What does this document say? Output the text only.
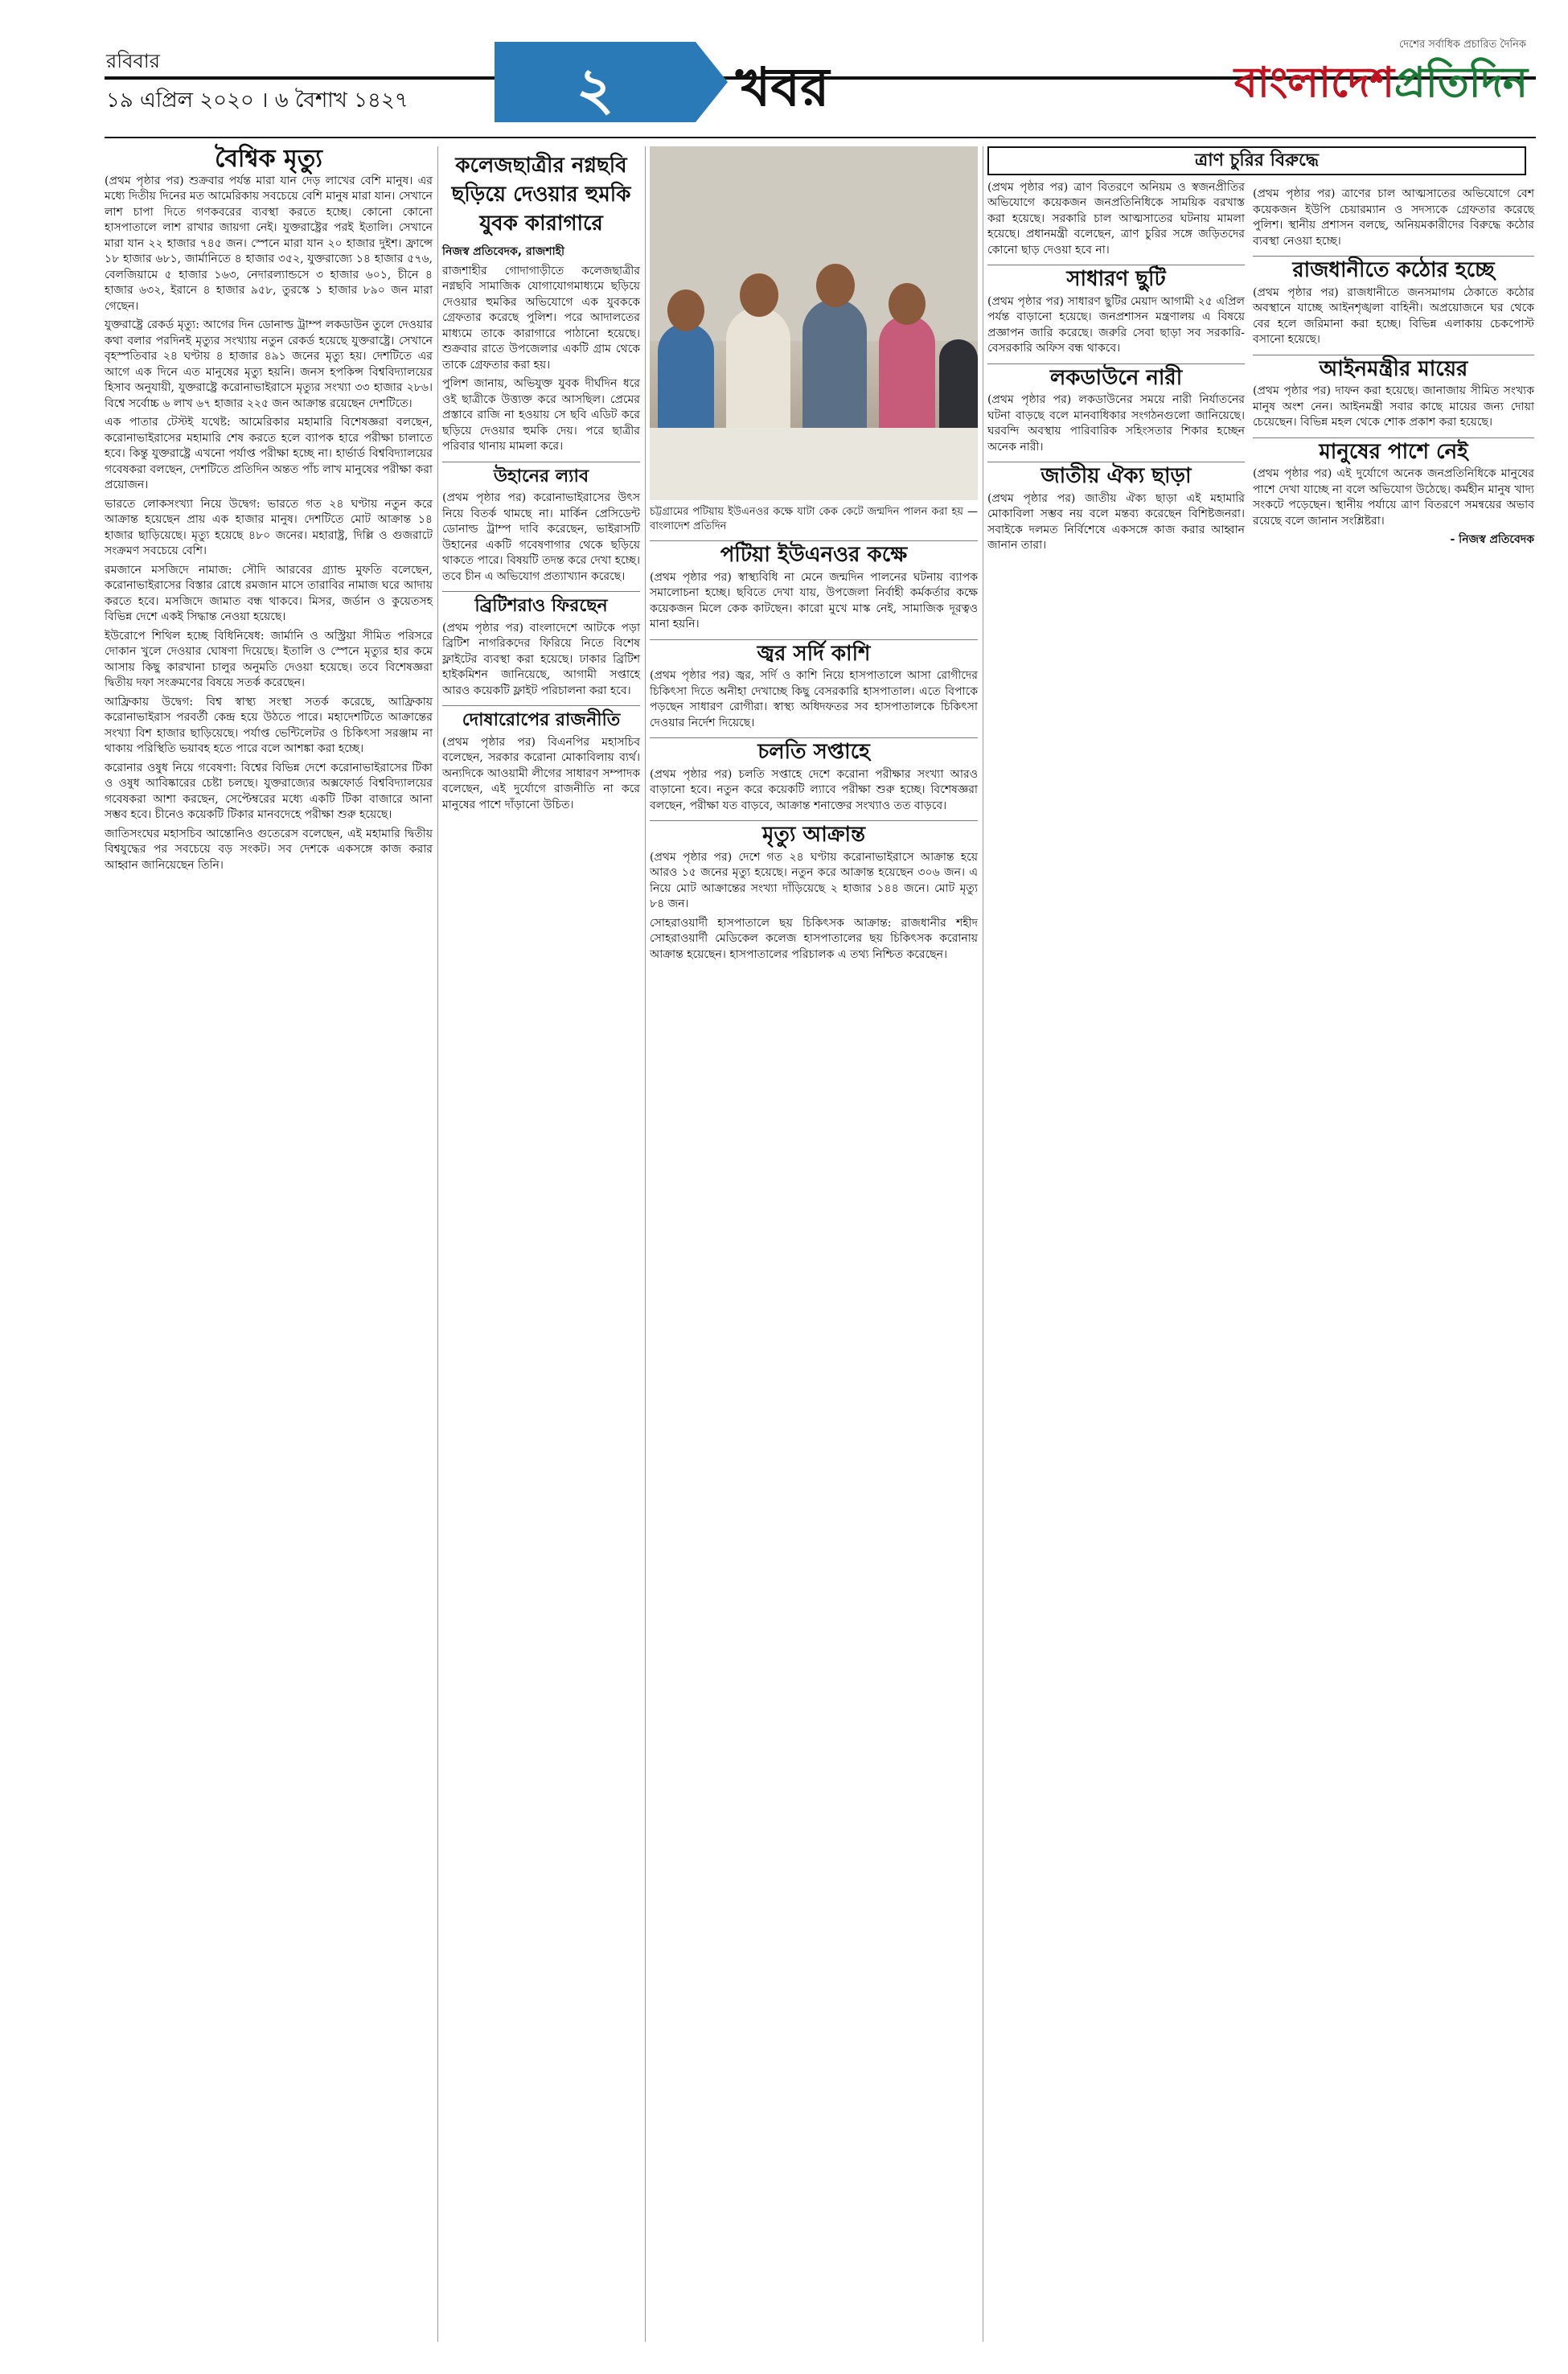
রবিবার
১৯ এপ্রিল ২০২০ । ৬ বৈশাখ ১৪২৭	২	খবর
দেশের সর্বাধিক প্রচারিত দৈনিক
বাংলাদেশপ্রতিদিন
বৈশ্বিক মৃত্যু

(প্রথম পৃষ্ঠার পর) শুক্রবার পর্যন্ত মারা যান দেড় লাখের বেশি মানুষ। এর মধ্যে দিতীয় দিনের মত আমেরিকায় সবচেয়ে বেশি মানুষ মারা যান। সেখানে লাশ চাপা দিতে গণকবরের ব্যবস্থা করতে হচ্ছে। কোনো কোনো হাসপাতালে লাশ রাখার জায়গা নেই। যুক্তরাষ্ট্রের পরই ইতালি। সেখানে মারা যান ২২ হাজার ৭৪৫ জন। স্পেনে মারা যান ২০ হাজার দুইশ। ফ্রান্সে ১৮ হাজার ৬৮১, জার্মানিতে ৪ হাজার ৩৫২, যুক্তরাজ্যে ১৪ হাজার ৫৭৬, বেলজিয়ামে ৫ হাজার ১৬৩, নেদারল্যান্ডসে ৩ হাজার ৬০১, চীনে ৪ হাজার ৬৩২, ইরানে ৪ হাজার ৯৫৮, তুরস্কে ১ হাজার ৮৯০ জন মারা গেছেন।

যুক্তরাষ্ট্রে রেকর্ড মৃত্যু: আগের দিন ডোনাল্ড ট্রাম্প লকডাউন তুলে দেওয়ার কথা বলার পরদিনই মৃত্যুর সংখ্যায় নতুন রেকর্ড হয়েছে যুক্তরাষ্ট্রে। সেখানে বৃহস্পতিবার ২৪ ঘণ্টায় ৪ হাজার ৪৯১ জনের মৃত্যু হয়। দেশটিতে এর আগে এক দিনে এত মানুষের মৃত্যু হয়নি। জনস হপকিন্স বিশ্ববিদ্যালয়ের হিসাব অনুযায়ী, যুক্তরাষ্ট্রে করোনাভাইরাসে মৃত্যুর সংখ্যা ৩৩ হাজার ২৮৬। বিশ্বে সর্বোচ্চ ৬ লাখ ৬৭ হাজার ২২৫ জন আক্রান্ত রয়েছেন দেশটিতে।

এক পাতার টেস্টই যথেষ্ট: আমেরিকার মহামারি বিশেষজ্ঞরা বলছেন, করোনাভাইরাসের মহামারি শেষ করতে হলে ব্যাপক হারে পরীক্ষা চালাতে হবে। কিন্তু যুক্তরাষ্ট্রে এখনো পর্যাপ্ত পরীক্ষা হচ্ছে না। হার্ভার্ড বিশ্ববিদ্যালয়ের গবেষকরা বলছেন, দেশটিতে প্রতিদিন অন্তত পাঁচ লাখ মানুষের পরীক্ষা করা প্রয়োজন।

ভারতে লোকসংখ্যা নিয়ে উদ্বেগ: ভারতে গত ২৪ ঘণ্টায় নতুন করে আক্রান্ত হয়েছেন প্রায় এক হাজার মানুষ। দেশটিতে মোট আক্রান্ত ১৪ হাজার ছাড়িয়েছে। মৃত্যু হয়েছে ৪৮০ জনের। মহারাষ্ট্র, দিল্লি ও গুজরাটে সংক্রমণ সবচেয়ে বেশি।

রমজানে মসজিদে নামাজ: সৌদি আরবের গ্র্যান্ড মুফতি বলেছেন, করোনাভাইরাসের বিস্তার রোধে রমজান মাসে তারাবির নামাজ ঘরে আদায় করতে হবে। মসজিদে জামাত বন্ধ থাকবে। মিসর, জর্ডান ও কুয়েতসহ বিভিন্ন দেশে একই সিদ্ধান্ত নেওয়া হয়েছে।

ইউরোপে শিথিল হচ্ছে বিধিনিষেধ: জার্মানি ও অস্ট্রিয়া সীমিত পরিসরে দোকান খুলে দেওয়ার ঘোষণা দিয়েছে। ইতালি ও স্পেনে মৃত্যুর হার কমে আসায় কিছু কারখানা চালুর অনুমতি দেওয়া হয়েছে। তবে বিশেষজ্ঞরা দ্বিতীয় দফা সংক্রমণের বিষয়ে সতর্ক করেছেন।

আফ্রিকায় উদ্বেগ: বিশ্ব স্বাস্থ্য সংস্থা সতর্ক করেছে, আফ্রিকায় করোনাভাইরাস পরবর্তী কেন্দ্র হয়ে উঠতে পারে। মহাদেশটিতে আক্রান্তের সংখ্যা বিশ হাজার ছাড়িয়েছে। পর্যাপ্ত ভেন্টিলেটর ও চিকিৎসা সরঞ্জাম না থাকায় পরিস্থিতি ভয়াবহ হতে পারে বলে আশঙ্কা করা হচ্ছে।

করোনার ওষুধ নিয়ে গবেষণা: বিশ্বের বিভিন্ন দেশে করোনাভাইরাসের টিকা ও ওষুধ আবিষ্কারের চেষ্টা চলছে। যুক্তরাজ্যের অক্সফোর্ড বিশ্ববিদ্যালয়ের গবেষকরা আশা করছেন, সেপ্টেম্বরের মধ্যে একটি টিকা বাজারে আনা সম্ভব হবে। চীনেও কয়েকটি টিকার মানবদেহে পরীক্ষা শুরু হয়েছে।

জাতিসংঘের মহাসচিব আন্তোনিও গুতেরেস বলেছেন, এই মহামারি দ্বিতীয় বিশ্বযুদ্ধের পর সবচেয়ে বড় সংকট। সব দেশকে একসঙ্গে কাজ করার আহ্বান জানিয়েছেন তিনি।

কলেজছাত্রীর নগ্নছবি ছড়িয়ে দেওয়ার হুমকি যুবক কারাগারে
নিজস্ব প্রতিবেদক, রাজশাহী

রাজশাহীর গোদাগাড়ীতে কলেজছাত্রীর নগ্নছবি সামাজিক যোগাযোগমাধ্যমে ছড়িয়ে দেওয়ার হুমকির অভিযোগে এক যুবককে গ্রেফতার করেছে পুলিশ। পরে আদালতের মাধ্যমে তাকে কারাগারে পাঠানো হয়েছে। শুক্রবার রাতে উপজেলার একটি গ্রাম থেকে তাকে গ্রেফতার করা হয়।

পুলিশ জানায়, অভিযুক্ত যুবক দীর্ঘদিন ধরে ওই ছাত্রীকে উত্ত্যক্ত করে আসছিল। প্রেমের প্রস্তাবে রাজি না হওয়ায় সে ছবি এডিট করে ছড়িয়ে দেওয়ার হুমকি দেয়। পরে ছাত্রীর পরিবার থানায় মামলা করে।

উহানের ল্যাব

(প্রথম পৃষ্ঠার পর) করোনাভাইরাসের উৎস নিয়ে বিতর্ক থামছে না। মার্কিন প্রেসিডেন্ট ডোনাল্ড ট্রাম্প দাবি করেছেন, ভাইরাসটি উহানের একটি গবেষণাগার থেকে ছড়িয়ে থাকতে পারে। বিষয়টি তদন্ত করে দেখা হচ্ছে। তবে চীন এ অভিযোগ প্রত্যাখ্যান করেছে।

ব্রিটিশরাও ফিরছেন

(প্রথম পৃষ্ঠার পর) বাংলাদেশে আটকে পড়া ব্রিটিশ নাগরিকদের ফিরিয়ে নিতে বিশেষ ফ্লাইটের ব্যবস্থা করা হয়েছে। ঢাকার ব্রিটিশ হাইকমিশন জানিয়েছে, আগামী সপ্তাহে আরও কয়েকটি ফ্লাইট পরিচালনা করা হবে।

দোষারোপের রাজনীতি

(প্রথম পৃষ্ঠার পর) বিএনপির মহাসচিব বলেছেন, সরকার করোনা মোকাবিলায় ব্যর্থ। অন্যদিকে আওয়ামী লীগের সাধারণ সম্পাদক বলেছেন, এই দুর্যোগে রাজনীতি না করে মানুষের পাশে দাঁড়ানো উচিত।

চট্টগ্রামের পটিয়ায় ইউএনওর কক্ষে যাটা কেক কেটে জন্মদিন পালন করা হয় —বাংলাদেশ প্রতিদিন
পটিয়া ইউএনওর কক্ষে

(প্রথম পৃষ্ঠার পর) স্বাস্থ্যবিধি না মেনে জন্মদিন পালনের ঘটনায় ব্যাপক সমালোচনা হচ্ছে। ছবিতে দেখা যায়, উপজেলা নির্বাহী কর্মকর্তার কক্ষে কয়েকজন মিলে কেক কাটছেন। কারো মুখে মাস্ক নেই, সামাজিক দূরত্বও মানা হয়নি।

জ্বর সর্দি কাশি

(প্রথম পৃষ্ঠার পর) জ্বর, সর্দি ও কাশি নিয়ে হাসপাতালে আসা রোগীদের চিকিৎসা দিতে অনীহা দেখাচ্ছে কিছু বেসরকারি হাসপাতাল। এতে বিপাকে পড়ছেন সাধারণ রোগীরা। স্বাস্থ্য অধিদফতর সব হাসপাতালকে চিকিৎসা দেওয়ার নির্দেশ দিয়েছে।

চলতি সপ্তাহে

(প্রথম পৃষ্ঠার পর) চলতি সপ্তাহে দেশে করোনা পরীক্ষার সংখ্যা আরও বাড়ানো হবে। নতুন করে কয়েকটি ল্যাবে পরীক্ষা শুরু হচ্ছে। বিশেষজ্ঞরা বলছেন, পরীক্ষা যত বাড়বে, আক্রান্ত শনাক্তের সংখ্যাও তত বাড়বে।

মৃত্যু আক্রান্ত

(প্রথম পৃষ্ঠার পর) দেশে গত ২৪ ঘণ্টায় করোনাভাইরাসে আক্রান্ত হয়ে আরও ১৫ জনের মৃত্যু হয়েছে। নতুন করে আক্রান্ত হয়েছেন ৩০৬ জন। এ নিয়ে মোট আক্রান্তের সংখ্যা দাঁড়িয়েছে ২ হাজার ১৪৪ জনে। মোট মৃত্যু ৮৪ জন।

সোহরাওয়ার্দী হাসপাতালে ছয় চিকিৎসক আক্রান্ত: রাজধানীর শহীদ সোহরাওয়ার্দী মেডিকেল কলেজ হাসপাতালের ছয় চিকিৎসক করোনায় আক্রান্ত হয়েছেন। হাসপাতালের পরিচালক এ তথ্য নিশ্চিত করেছেন।

ত্রাণ চুরির বিরুদ্ধে

(প্রথম পৃষ্ঠার পর) ত্রাণ বিতরণে অনিয়ম ও স্বজনপ্রীতির অভিযোগে কয়েকজন জনপ্রতিনিধিকে সাময়িক বরখাস্ত করা হয়েছে। সরকারি চাল আত্মসাতের ঘটনায় মামলা হয়েছে। প্রধানমন্ত্রী বলেছেন, ত্রাণ চুরির সঙ্গে জড়িতদের কোনো ছাড় দেওয়া হবে না।

সাধারণ ছুটি

(প্রথম পৃষ্ঠার পর) সাধারণ ছুটির মেয়াদ আগামী ২৫ এপ্রিল পর্যন্ত বাড়ানো হয়েছে। জনপ্রশাসন মন্ত্রণালয় এ বিষয়ে প্রজ্ঞাপন জারি করেছে। জরুরি সেবা ছাড়া সব সরকারি-বেসরকারি অফিস বন্ধ থাকবে।

লকডাউনে নারী

(প্রথম পৃষ্ঠার পর) লকডাউনের সময়ে নারী নির্যাতনের ঘটনা বাড়ছে বলে মানবাধিকার সংগঠনগুলো জানিয়েছে। ঘরবন্দি অবস্থায় পারিবারিক সহিংসতার শিকার হচ্ছেন অনেক নারী।

জাতীয় ঐক্য ছাড়া

(প্রথম পৃষ্ঠার পর) জাতীয় ঐক্য ছাড়া এই মহামারি মোকাবিলা সম্ভব নয় বলে মন্তব্য করেছেন বিশিষ্টজনরা। সবাইকে দলমত নির্বিশেষে একসঙ্গে কাজ করার আহ্বান জানান তারা।

(প্রথম পৃষ্ঠার পর) ত্রাণের চাল আত্মসাতের অভিযোগে বেশ কয়েকজন ইউপি চেয়ারম্যান ও সদস্যকে গ্রেফতার করেছে পুলিশ। স্থানীয় প্রশাসন বলছে, অনিয়মকারীদের বিরুদ্ধে কঠোর ব্যবস্থা নেওয়া হচ্ছে।

রাজধানীতে কঠোর হচ্ছে

(প্রথম পৃষ্ঠার পর) রাজধানীতে জনসমাগম ঠেকাতে কঠোর অবস্থানে যাচ্ছে আইনশৃঙ্খলা বাহিনী। অপ্রয়োজনে ঘর থেকে বের হলে জরিমানা করা হচ্ছে। বিভিন্ন এলাকায় চেকপোস্ট বসানো হয়েছে।

আইনমন্ত্রীর মায়ের

(প্রথম পৃষ্ঠার পর) দাফন করা হয়েছে। জানাজায় সীমিত সংখ্যক মানুষ অংশ নেন। আইনমন্ত্রী সবার কাছে মায়ের জন্য দোয়া চেয়েছেন। বিভিন্ন মহল থেকে শোক প্রকাশ করা হয়েছে।

মানুষের পাশে নেই

(প্রথম পৃষ্ঠার পর) এই দুর্যোগে অনেক জনপ্রতিনিধিকে মানুষের পাশে দেখা যাচ্ছে না বলে অভিযোগ উঠেছে। কর্মহীন মানুষ খাদ্য সংকটে পড়েছেন। স্থানীয় পর্যায়ে ত্রাণ বিতরণে সমন্বয়ের অভাব রয়েছে বলে জানান সংশ্লিষ্টরা।

- নিজস্ব প্রতিবেদক
